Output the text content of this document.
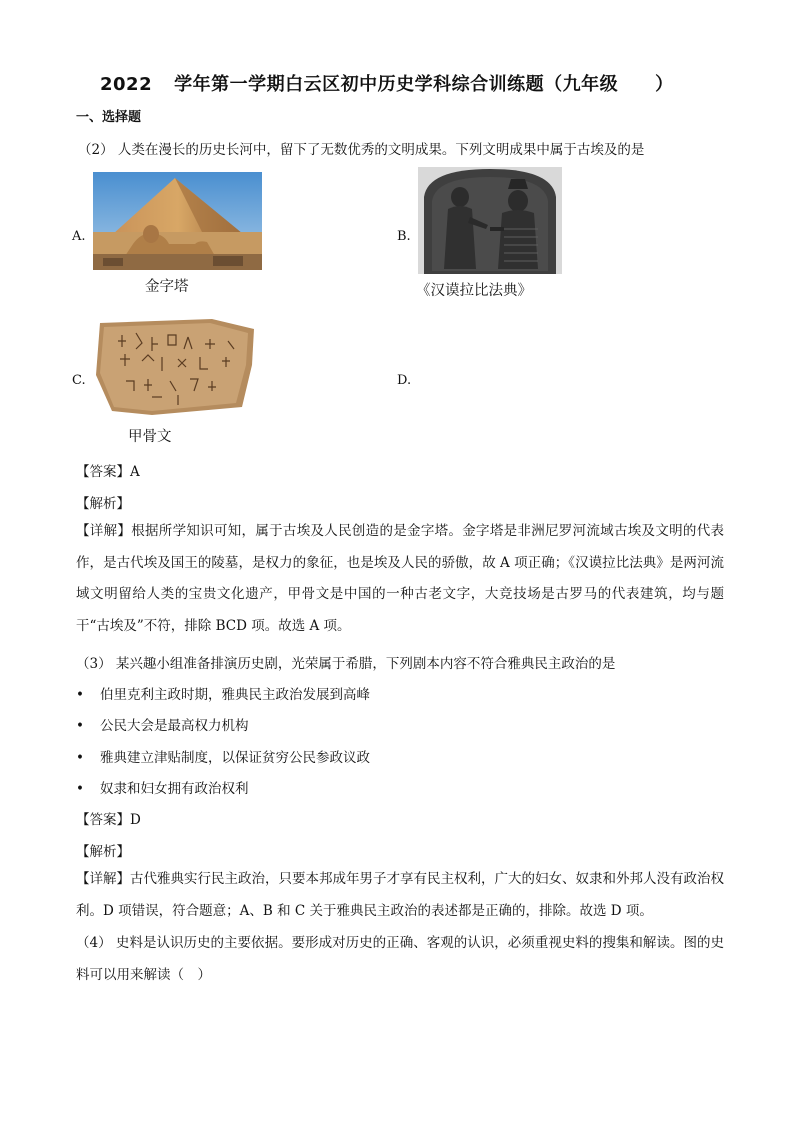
2022 学年第一学期白云区初中历史学科综合训练题（九年级　　）
一、选择题
（2） 人类在漫长的历史长河中，留下了无数优秀的文明成果。下列文明成果中属于古埃及的是
A.
金字塔
B.
《汉谟拉比法典》
C.
甲骨文
D.
【答案】A
【解析】
【详解】根据所学知识可知，属于古埃及人民创造的是金字塔。金字塔是非洲尼罗河流域古埃及文明的代表作，是古代埃及国王的陵墓，是权力的象征，也是埃及人民的骄傲，故 A 项正确；《汉谟拉比法典》是两河流域文明留给人类的宝贵文化遗产，甲骨文是中国的一种古老文字，大竞技场是古罗马的代表建筑，均与题干“古埃及”不符，排除 BCD 项。故选 A 项。
（3） 某兴趣小组准备排演历史剧，光荣属于希腊，下列剧本内容不符合雅典民主政治的是
• 伯里克利主政时期，雅典民主政治发展到高峰
• 公民大会是最高权力机构
• 雅典建立津贴制度，以保证贫穷公民参政议政
• 奴隶和妇女拥有政治权利
【答案】D
【解析】
【详解】古代雅典实行民主政治，只要本邦成年男子才享有民主权利，广大的妇女、奴隶和外邦人没有政治权利。D 项错误，符合题意；A、B 和 C 关于雅典民主政治的表述都是正确的，排除。故选 D 项。
（4） 史料是认识历史的主要依据。要形成对历史的正确、客观的认识，必须重视史料的搜集和解读。图的史料可以用来解读（　）
